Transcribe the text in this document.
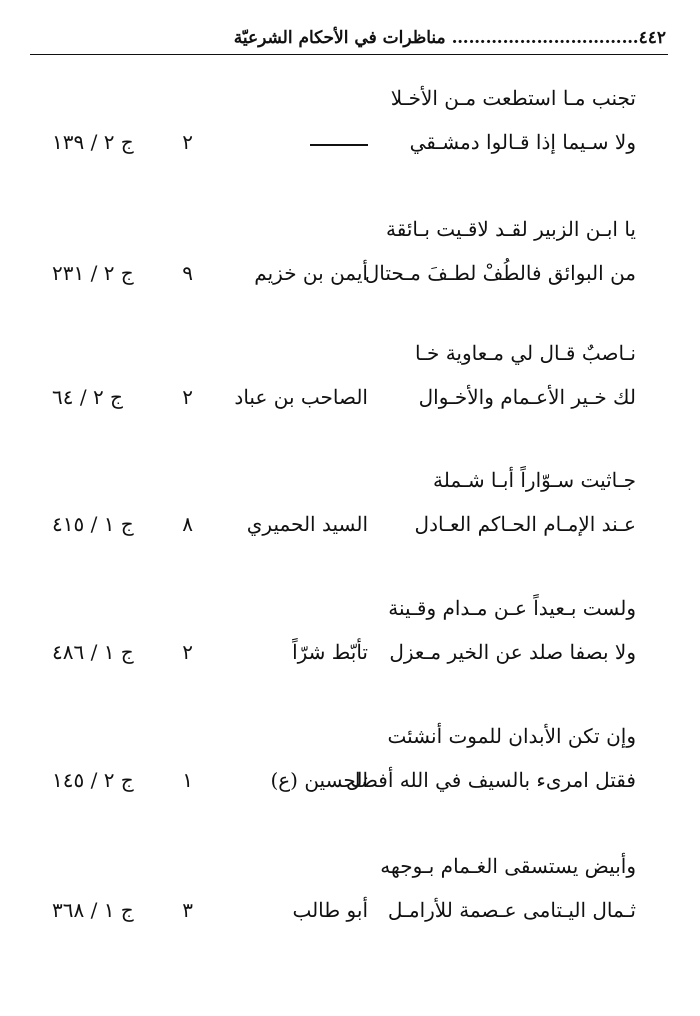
٤٤٢…………………………… مناظرات في الأحكام الشرعيّة
تجنب مـا استطعت مـن الأخـلا
ولا سـيما إذا قـالوا دمشـقي
٢
ج ٢ / ١٣٩
يا ابـن الزبير لقـد لاقـيت بـائقة
من البوائق فالطُفْ لطـفَ مـحتال
أيمن بن خزيم
٩
ج ٢ / ٢٣١
نـاصبٌ قـال لي مـعاوية خـا
لك خـير الأعـمام والأخـوال
الصاحب بن عباد
٢
ج ٢ / ٦٤
جـاثيت سـوّاراً أبـا شـملة
عـند الإمـام الحـاكم العـادل
السيد الحميري
٨
ج ١ / ٤١٥
ولست بـعيداً عـن مـدام وقـينة
ولا بصفا صلد عن الخير مـعزل
تأبّط شرّاً
٢
ج ١ / ٤٨٦
وإن تكن الأبدان للموت أنشئت
فقتل امرىء بالسيف في الله أفضل
الحسين (ع)
١
ج ٢ / ١٤٥
وأبيض يستسقى الغـمام بـوجهه
ثـمال اليـتامى عـصمة للأرامـل
أبو طالب
٣
ج ١ / ٣٦٨
